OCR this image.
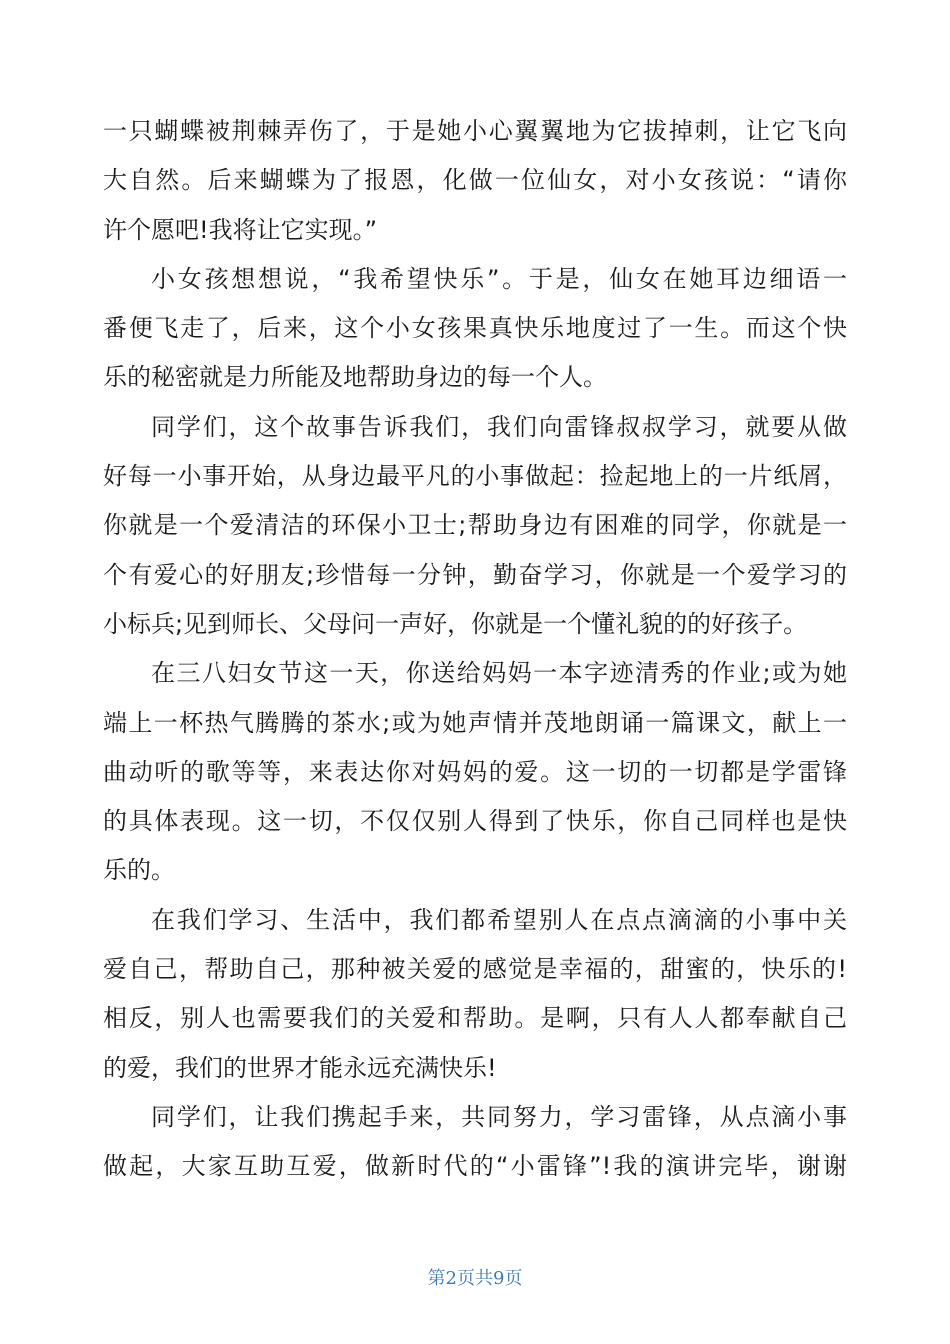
一只蝴蝶被荆棘弄伤了，于是她小心翼翼地为它拔掉刺，让它飞向
大自然。后来蝴蝶为了报恩，化做一位仙女，对小女孩说：“请你
许个愿吧!我将让它实现。”

小女孩想想说，“我希望快乐”。于是，仙女在她耳边细语一
番便飞走了，后来，这个小女孩果真快乐地度过了一生。而这个快
乐的秘密就是力所能及地帮助身边的每一个人。

同学们，这个故事告诉我们，我们向雷锋叔叔学习，就要从做
好每一小事开始，从身边最平凡的小事做起：捡起地上的一片纸屑，
你就是一个爱清洁的环保小卫士;帮助身边有困难的同学，你就是一
个有爱心的好朋友;珍惜每一分钟，勤奋学习，你就是一个爱学习的
小标兵;见到师长、父母问一声好，你就是一个懂礼貌的的好孩子。

在三八妇女节这一天，你送给妈妈一本字迹清秀的作业;或为她
端上一杯热气腾腾的茶水;或为她声情并茂地朗诵一篇课文，献上一
曲动听的歌等等，来表达你对妈妈的爱。这一切的一切都是学雷锋
的具体表现。这一切，不仅仅别人得到了快乐，你自己同样也是快
乐的。

在我们学习、生活中，我们都希望别人在点点滴滴的小事中关
爱自己，帮助自己，那种被关爱的感觉是幸福的，甜蜜的，快乐的!
相反，别人也需要我们的关爱和帮助。是啊，只有人人都奉献自己
的爱，我们的世界才能永远充满快乐!

同学们，让我们携起手来，共同努力，学习雷锋，从点滴小事
做起，大家互助互爱，做新时代的“小雷锋”!我的演讲完毕，谢谢

第2页共9页
